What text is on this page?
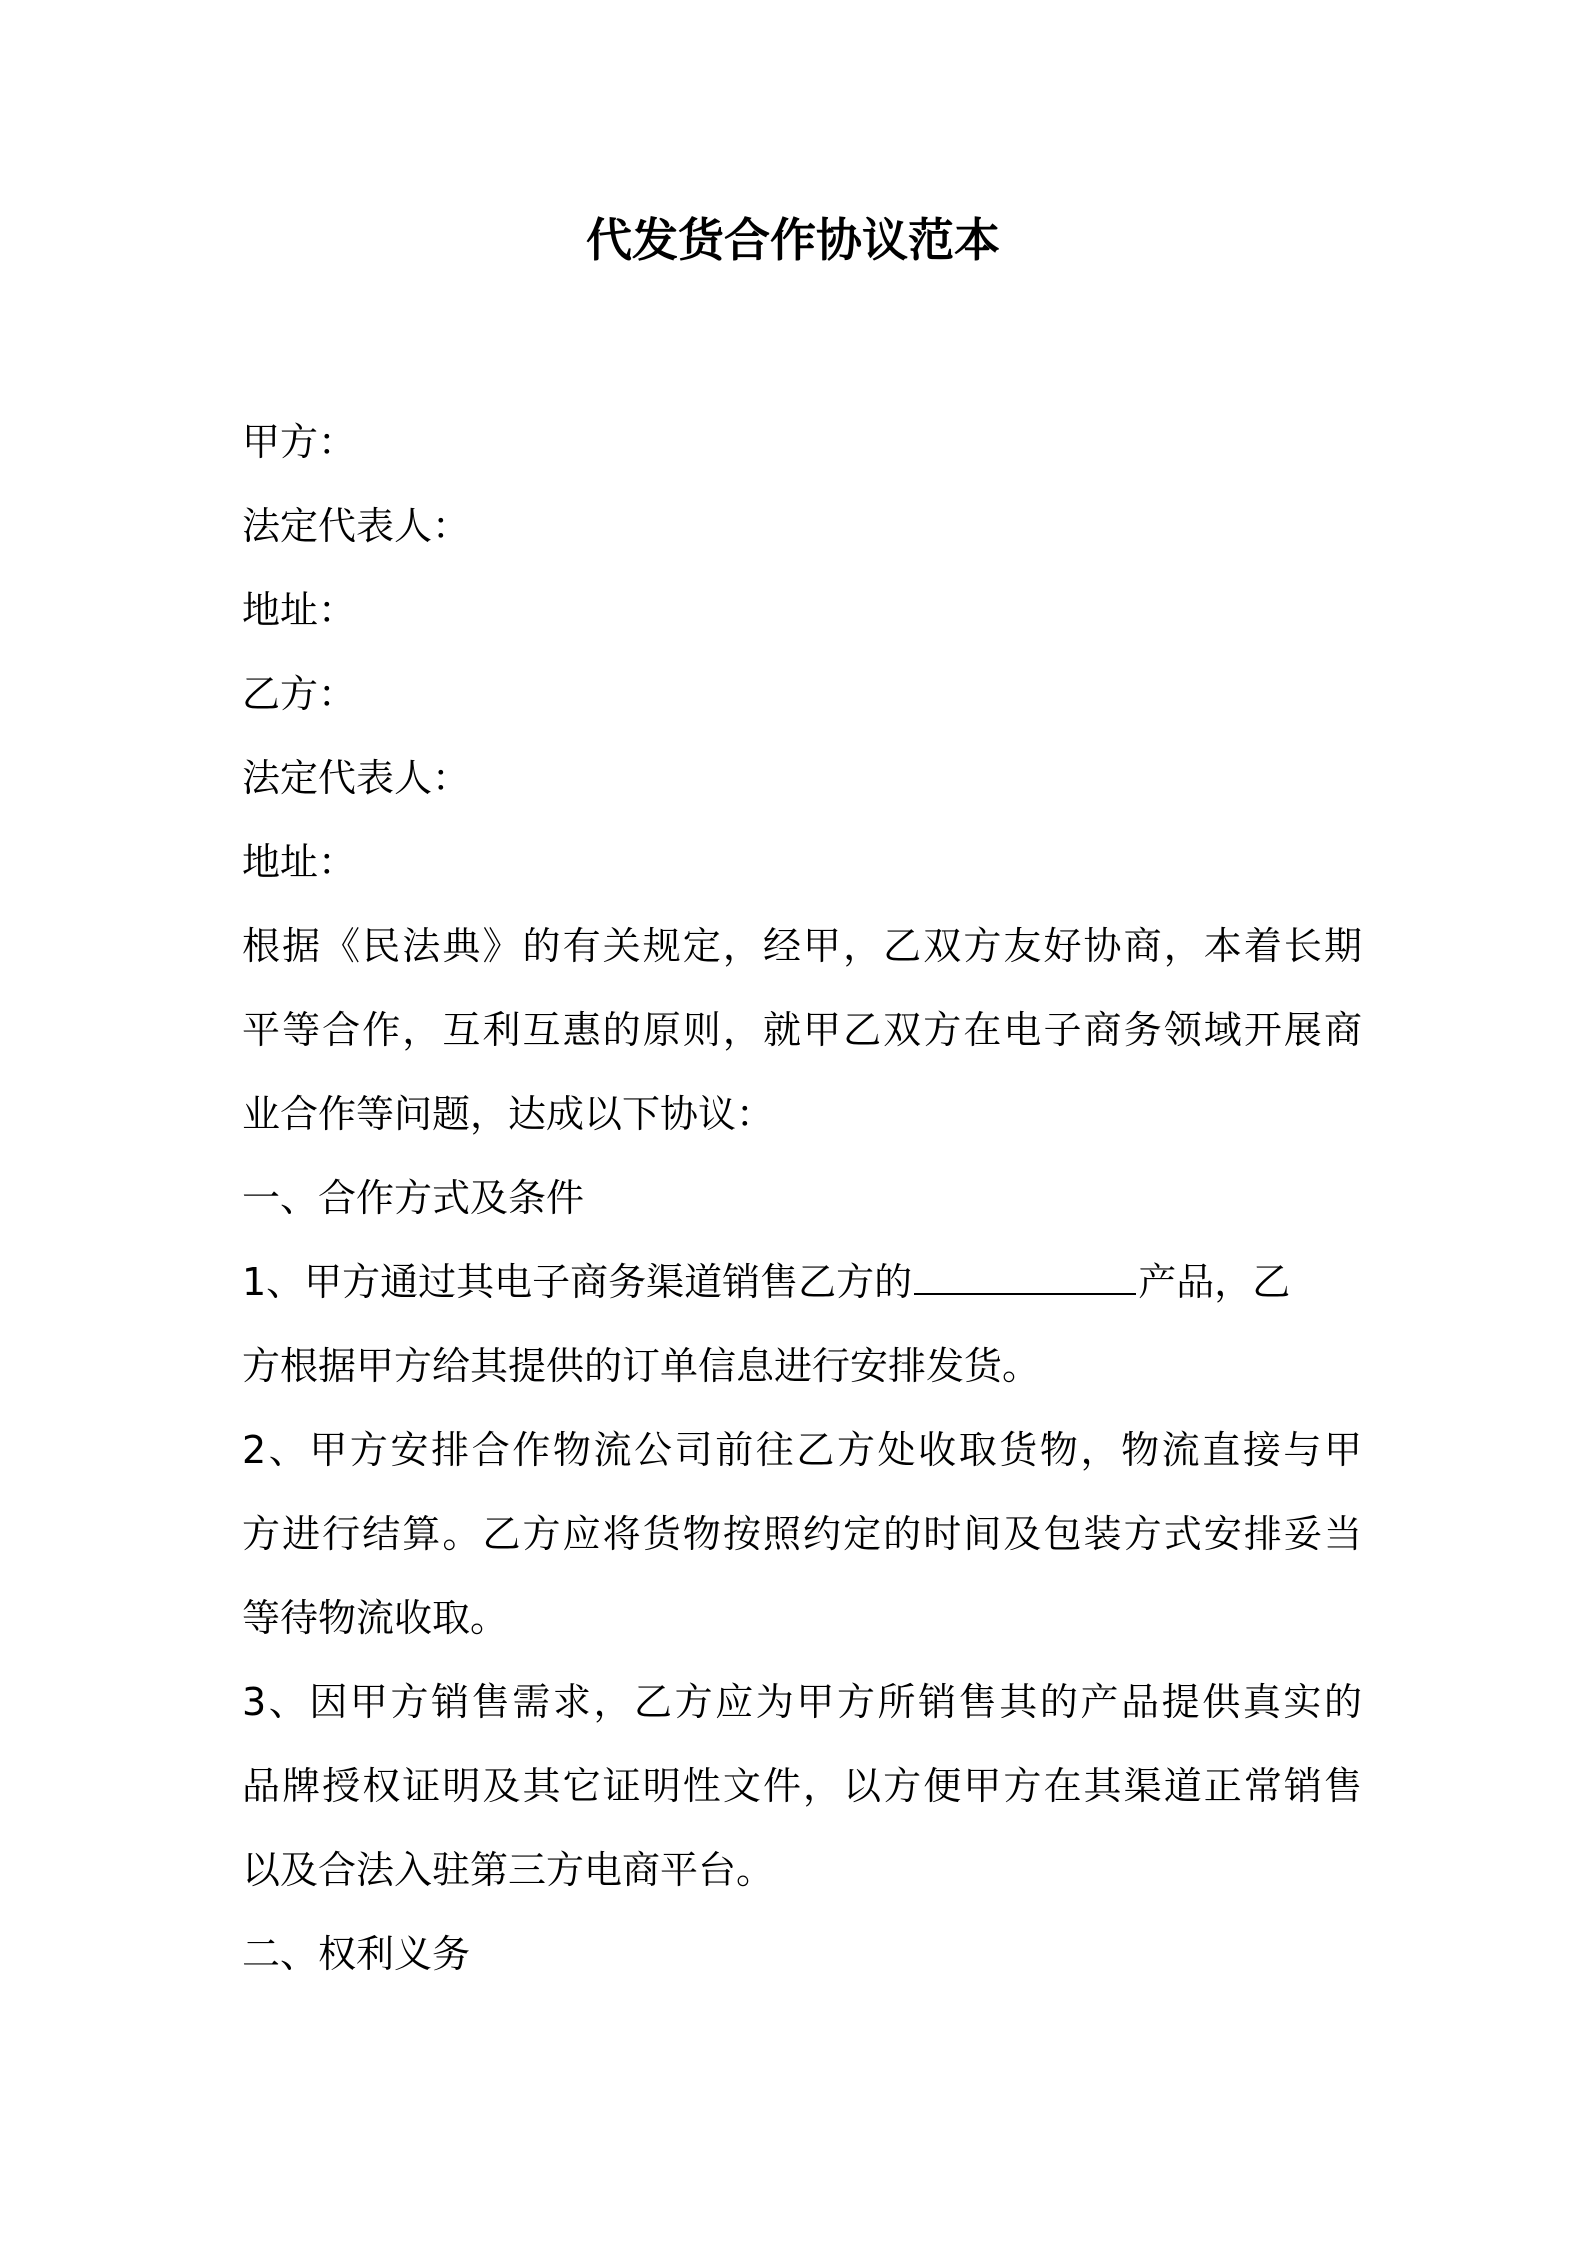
代发货合作协议范本
甲方：
法定代表人：
地址：
乙方：
法定代表人：
地址：
根据《民法典》的有关规定，经甲，乙双方友好协商，本着长期
平等合作，互利互惠的原则，就甲乙双方在电子商务领域开展商
业合作等问题，达成以下协议：
一、合作方式及条件
1、甲方通过其电子商务渠道销售乙方的	产品，乙
方根据甲方给其提供的订单信息进行安排发货。
2、甲方安排合作物流公司前往乙方处收取货物，物流直接与甲
方进行结算。乙方应将货物按照约定的时间及包装方式安排妥当
等待物流收取。
3、因甲方销售需求，乙方应为甲方所销售其的产品提供真实的
品牌授权证明及其它证明性文件，以方便甲方在其渠道正常销售
以及合法入驻第三方电商平台。
二、权利义务
